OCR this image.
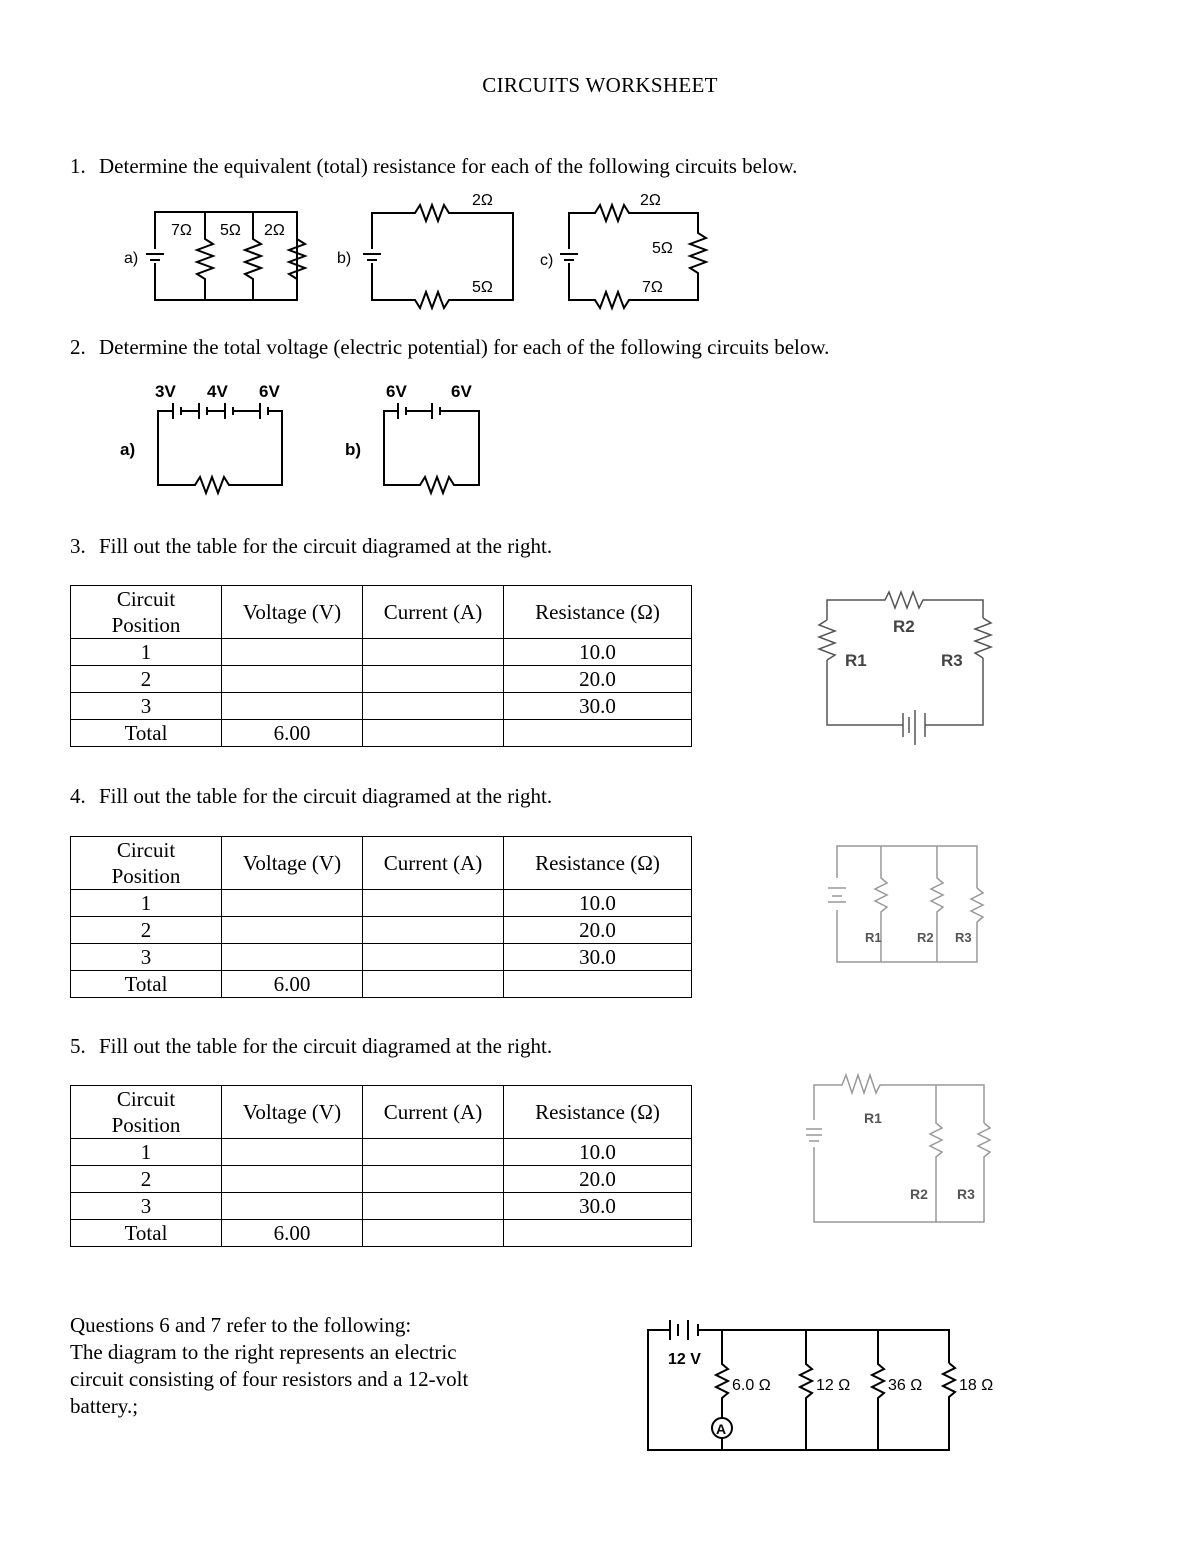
CIRCUITS WORKSHEET
1. Determine the equivalent (total) resistance for each of the following circuits below.
a)
7Ω 5Ω 2Ω
b)
2Ω
5Ω
c)
2Ω
5Ω
7Ω
2. Determine the total voltage (electric potential) for each of the following circuits below.
a)
3V 4V 6V
b)
6V	6V
3. Fill out the table for the circuit diagramed at the right.
Circuit
Position	Voltage (V)	Current (A)	Resistance (Ω)
1			10.0
2			20.0
3			30.0
Total	6.00		
R1
R2
R3
4. Fill out the table for the circuit diagramed at the right.
Circuit
Position	Voltage (V)	Current (A)	Resistance (Ω)
1			10.0
2			20.0
3			30.0
Total	6.00		
R1	R2 R3
5. Fill out the table for the circuit diagramed at the right.
Circuit
Position	Voltage (V)	Current (A)	Resistance (Ω)
1			10.0
2			20.0
3			30.0
Total	6.00		
R1
R2 R3
Questions 6 and 7 refer to the following:
The diagram to the right represents an electric
circuit consisting of four resistors and a 12-volt
battery.;
12 V
6.0 Ω	12 Ω 36 Ω 18 Ω
A
